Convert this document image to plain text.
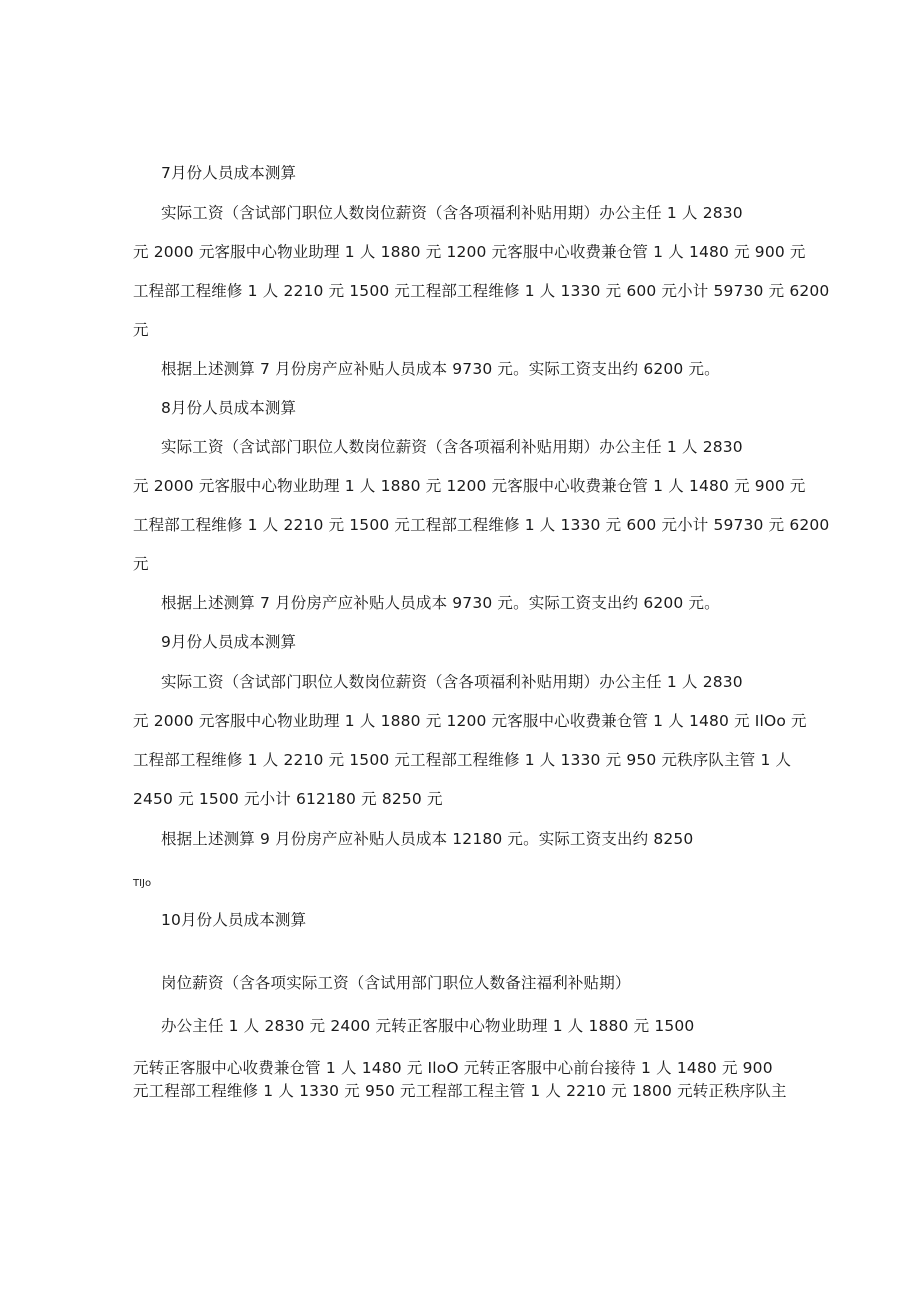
7月份人员成本测算
实际工资（含试部门职位人数岗位薪资（含各项福利补贴用期）办公主任 1 人 2830
元 2000 元客服中心物业助理 1 人 1880 元 1200 元客服中心收费兼仓管 1 人 1480 元 900 元
工程部工程维修 1 人 2210 元 1500 元工程部工程维修 1 人 1330 元 600 元小计 59730 元 6200
元
根据上述测算 7 月份房产应补贴人员成本 9730 元。实际工资支出约 6200 元。
8月份人员成本测算
实际工资（含试部门职位人数岗位薪资（含各项福利补贴用期）办公主任 1 人 2830
元 2000 元客服中心物业助理 1 人 1880 元 1200 元客服中心收费兼仓管 1 人 1480 元 900 元
工程部工程维修 1 人 2210 元 1500 元工程部工程维修 1 人 1330 元 600 元小计 59730 元 6200
元
根据上述测算 7 月份房产应补贴人员成本 9730 元。实际工资支出约 6200 元。
9月份人员成本测算
实际工资（含试部门职位人数岗位薪资（含各项福利补贴用期）办公主任 1 人 2830
元 2000 元客服中心物业助理 1 人 1880 元 1200 元客服中心收费兼仓管 1 人 1480 元 IlOo 元
工程部工程维修 1 人 2210 元 1500 元工程部工程维修 1 人 1330 元 950 元秩序队主管 1 人
2450 元 1500 元小计 612180 元 8250 元
根据上述测算 9 月份房产应补贴人员成本 12180 元。实际工资支出约 8250
TIJo
10月份人员成本测算
岗位薪资（含各项实际工资（含试用部门职位人数备注福利补贴期）
办公主任 1 人 2830 元 2400 元转正客服中心物业助理 1 人 1880 元 1500
元转正客服中心收费兼仓管 1 人 1480 元 IloO 元转正客服中心前台接待 1 人 1480 元 900
元工程部工程维修 1 人 1330 元 950 元工程部工程主管 1 人 2210 元 1800 元转正秩序队主
